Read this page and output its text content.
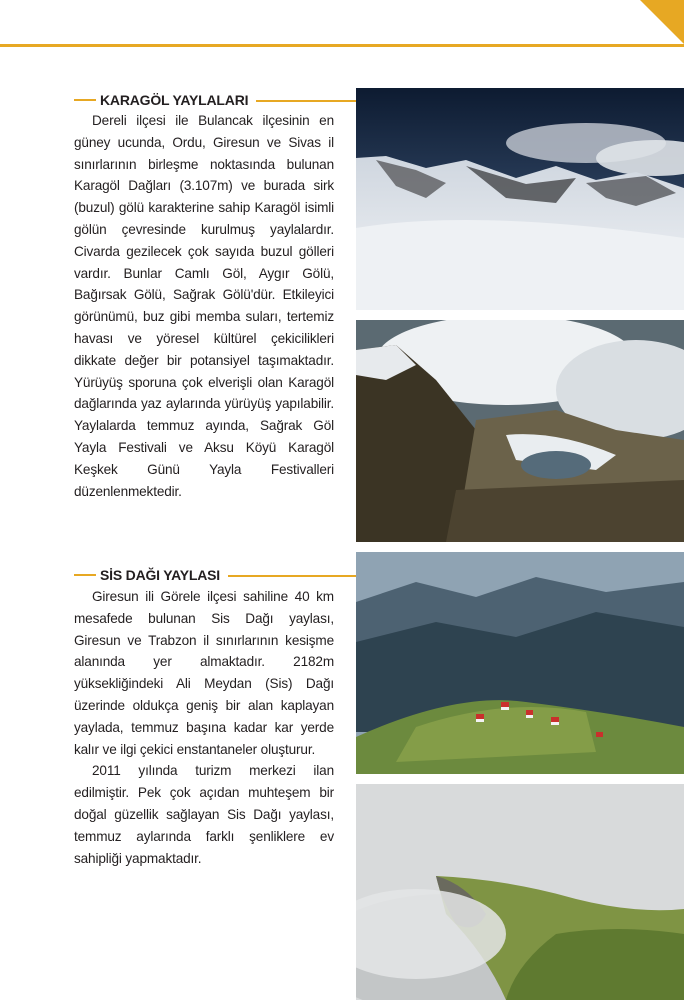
KARAGÖL YAYLALARI

Dereli ilçesi ile Bulancak ilçesinin en güney ucunda, Ordu, Giresun ve Sivas il sınırlarının birleşme noktasında bulunan Karagöl Dağları (3.107m) ve burada sirk (buzul) gölü karakterine sahip Karagöl isimli gölün çevresinde kurulmuş yaylalardır. Civarda gezilecek çok sayıda buzul gölleri vardır. Bunlar Camlı Göl, Aygır Gölü, Bağırsak Gölü, Sağrak Gölü'dür. Etkileyici görünümü, buz gibi memba suları, tertemiz havası ve yöresel kültürel çekicilikleri dikkate değer bir potansiyel taşımaktadır. Yürüyüş sporuna çok elverişli olan Karagöl dağlarında yaz aylarında yürüyüş yapılabilir. Yaylalarda temmuz ayında, Sağrak Göl Yayla Festivali ve Aksu Köyü Karagöl Keşkek Günü Yayla Festivalleri düzenlenmektedir.

SİS DAĞI YAYLASI

Giresun ili Görele ilçesi sahiline 40 km mesafede bulunan Sis Dağı yaylası, Giresun ve Trabzon il sınırlarının kesişme alanında yer almaktadır. 2182m yüksekliğindeki Ali Meydan (Sis) Dağı üzerinde oldukça geniş bir alan kaplayan yaylada, temmuz başına kadar kar yerde kalır ve ilgi çekici enstantaneler oluşturur.

2011 yılında turizm merkezi ilan edilmiştir. Pek çok açıdan muhteşem bir doğal güzellik sağlayan Sis Dağı yaylası, temmuz aylarında farklı şenliklere ev sahipliği yapmaktadır.
